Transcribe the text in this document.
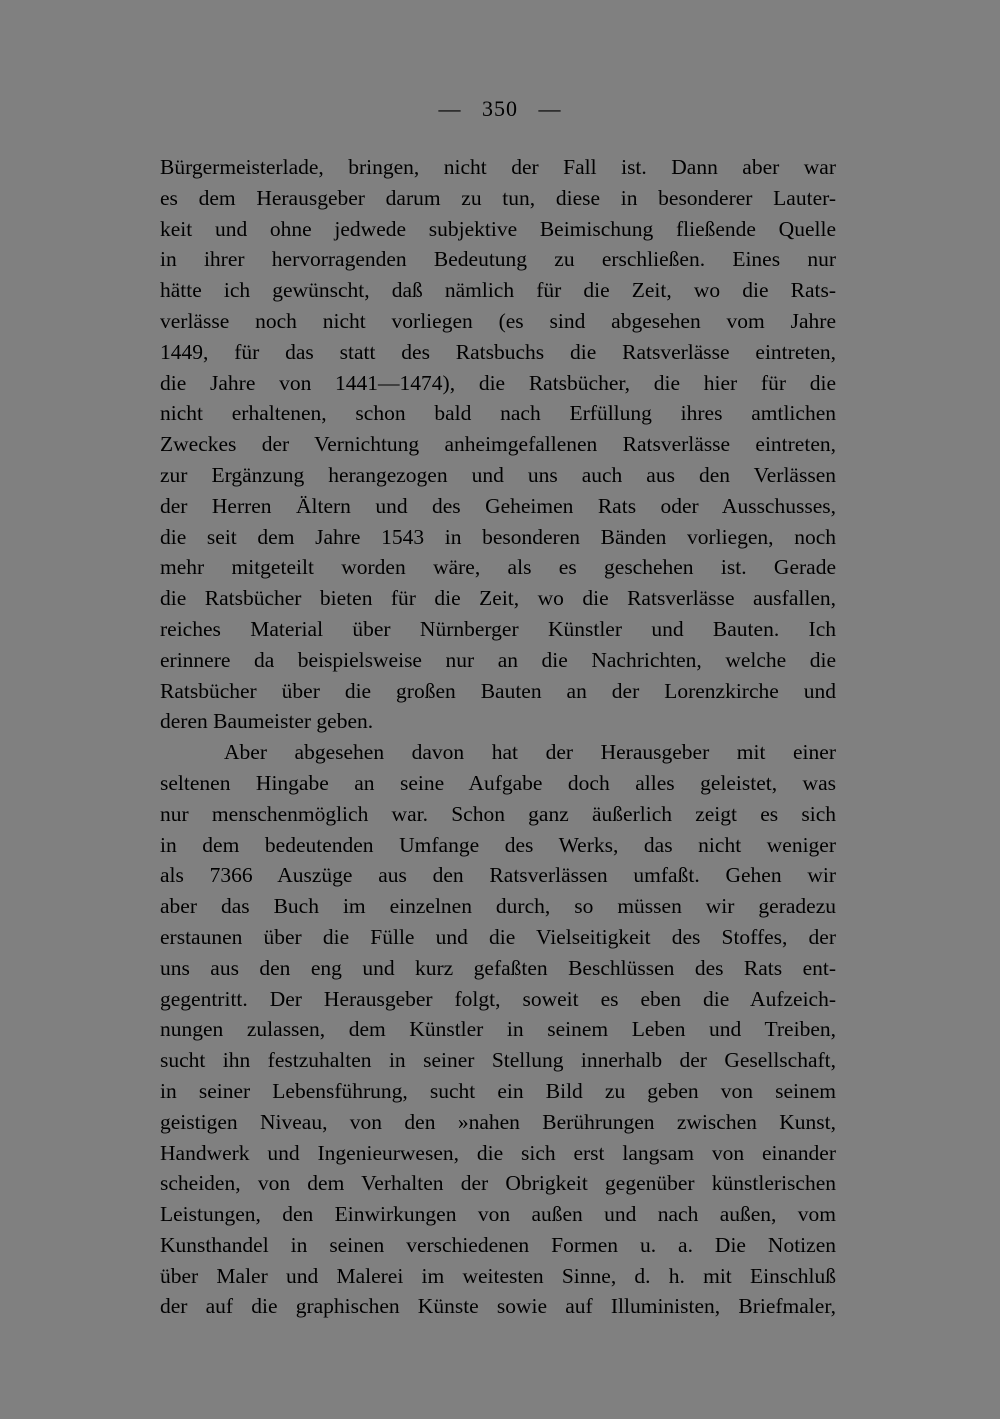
— 350 —
Bürgermeisterlade, bringen, nicht der Fall ist. Dann aber war
es dem Herausgeber darum zu tun, diese in besonderer Lauter-
keit und ohne jedwede subjektive Beimischung fließende Quelle
in ihrer hervorragenden Bedeutung zu erschließen. Eines nur
hätte ich gewünscht, daß nämlich für die Zeit, wo die Rats-
verlässe noch nicht vorliegen (es sind abgesehen vom Jahre
1449, für das statt des Ratsbuchs die Ratsverlässe eintreten,
die Jahre von 1441—1474), die Ratsbücher, die hier für die
nicht erhaltenen, schon bald nach Erfüllung ihres amtlichen
Zweckes der Vernichtung anheimgefallenen Ratsverlässe eintreten,
zur Ergänzung herangezogen und uns auch aus den Verlässen
der Herren Ältern und des Geheimen Rats oder Ausschusses,
die seit dem Jahre 1543 in besonderen Bänden vorliegen, noch
mehr mitgeteilt worden wäre, als es geschehen ist. Gerade
die Ratsbücher bieten für die Zeit, wo die Ratsverlässe ausfallen,
reiches Material über Nürnberger Künstler und Bauten. Ich
erinnere da beispielsweise nur an die Nachrichten, welche die
Ratsbücher über die großen Bauten an der Lorenzkirche und
deren Baumeister geben.
Aber abgesehen davon hat der Herausgeber mit einer
seltenen Hingabe an seine Aufgabe doch alles geleistet, was
nur menschenmöglich war. Schon ganz äußerlich zeigt es sich
in dem bedeutenden Umfange des Werks, das nicht weniger
als 7366 Auszüge aus den Ratsverlässen umfaßt. Gehen wir
aber das Buch im einzelnen durch, so müssen wir geradezu
erstaunen über die Fülle und die Vielseitigkeit des Stoffes, der
uns aus den eng und kurz gefaßten Beschlüssen des Rats ent-
gegentritt. Der Herausgeber folgt, soweit es eben die Aufzeich-
nungen zulassen, dem Künstler in seinem Leben und Treiben,
sucht ihn festzuhalten in seiner Stellung innerhalb der Gesellschaft,
in seiner Lebensführung, sucht ein Bild zu geben von seinem
geistigen Niveau, von den »nahen Berührungen zwischen Kunst,
Handwerk und Ingenieurwesen, die sich erst langsam von einander
scheiden, von dem Verhalten der Obrigkeit gegenüber künstlerischen
Leistungen, den Einwirkungen von außen und nach außen, vom
Kunsthandel in seinen verschiedenen Formen u. a. Die Notizen
über Maler und Malerei im weitesten Sinne, d. h. mit Einschluß
der auf die graphischen Künste sowie auf Illuministen, Briefmaler,
